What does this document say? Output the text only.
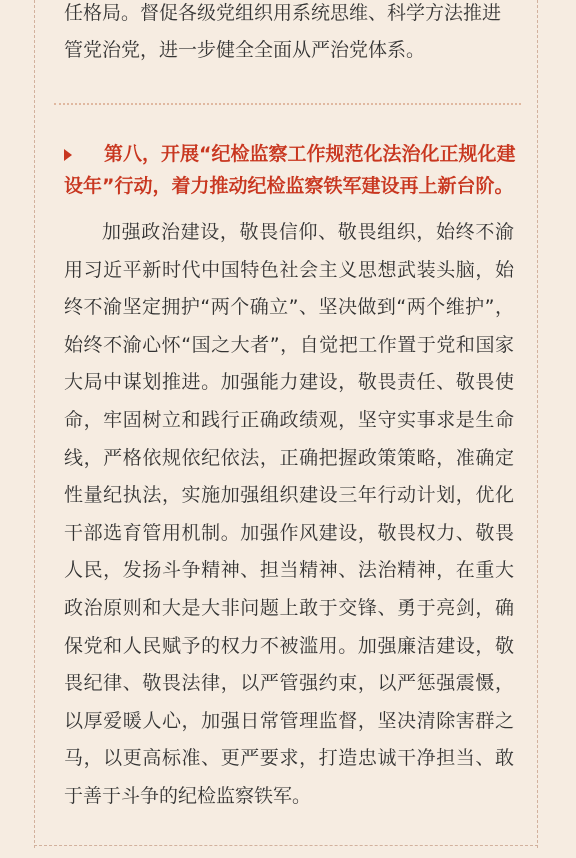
任格局。督促各级党组织用系统思维、科学方法推进管党治党，进一步健全全面从严治党体系。

第八，开展“纪检监察工作规范化法治化正规化建设年”行动，着力推动纪检监察铁军建设再上新台阶。

加强政治建设，敬畏信仰、敬畏组织，始终不渝用习近平新时代中国特色社会主义思想武装头脑，始终不渝坚定拥护“两个确立”、坚决做到“两个维护”，始终不渝心怀“国之大者”，自觉把工作置于党和国家大局中谋划推进。加强能力建设，敬畏责任、敬畏使命，牢固树立和践行正确政绩观，坚守实事求是生命线，严格依规依纪依法，正确把握政策策略，准确定性量纪执法，实施加强组织建设三年行动计划，优化干部选育管用机制。加强作风建设，敬畏权力、敬畏人民，发扬斗争精神、担当精神、法治精神，在重大政治原则和大是大非问题上敢于交锋、勇于亮剑，确保党和人民赋予的权力不被滥用。加强廉洁建设，敬畏纪律、敬畏法律，以严管强约束，以严惩强震慑，以厚爱暖人心，加强日常管理监督，坚决清除害群之马，以更高标准、更严要求，打造忠诚干净担当、敢于善于斗争的纪检监察铁军。
